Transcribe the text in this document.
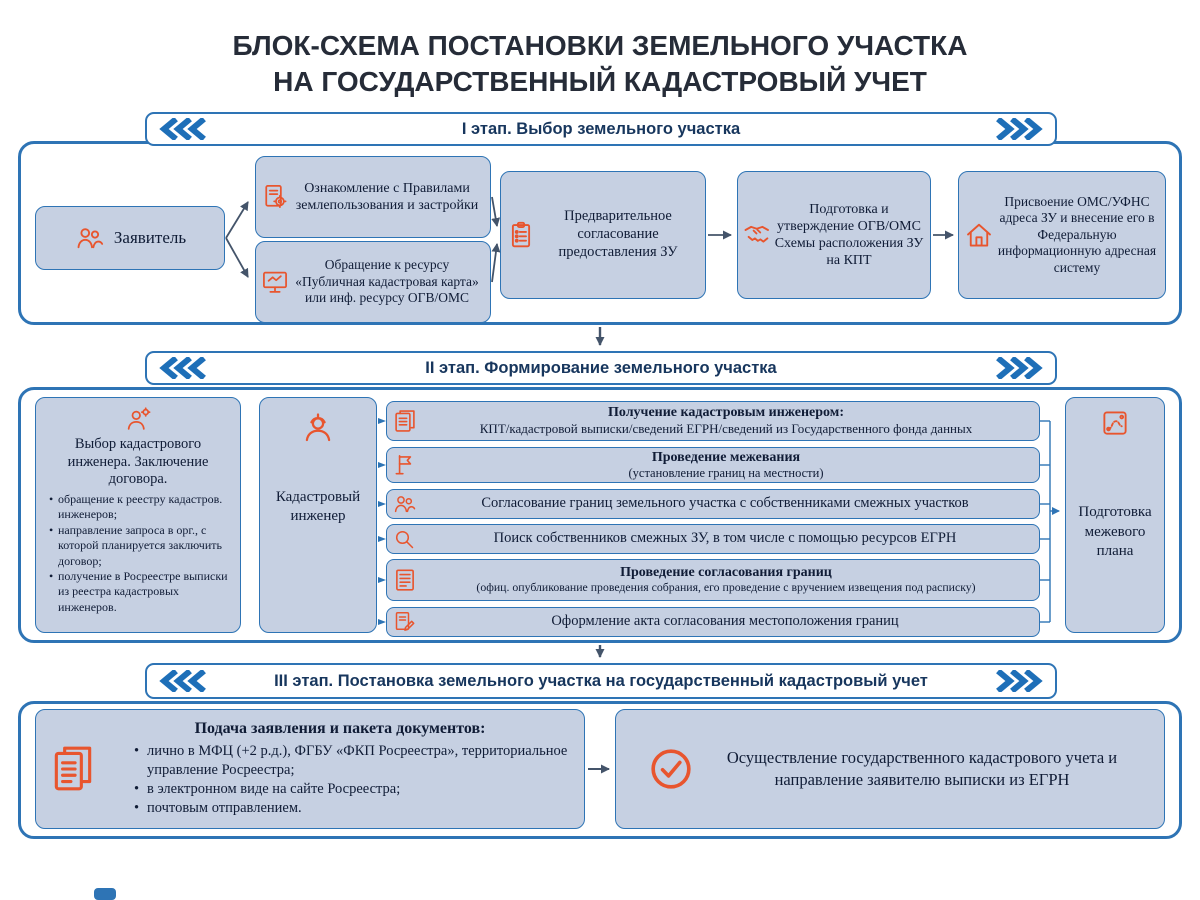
БЛОК-СХЕМА ПОСТАНОВКИ ЗЕМЕЛЬНОГО УЧАСТКА
НА ГОСУДАРСТВЕННЫЙ КАДАСТРОВЫЙ УЧЕТ
I этап. Выбор земельного участка
Заявитель
Ознакомление с Правилами землепользования и застройки
Обращение к ресурсу «Публичная кадастровая карта» или инф. ресурсу ОГВ/ОМС
Предварительное согласование предоставления ЗУ
Подготовка и утверждение ОГВ/ОМС Схемы расположения ЗУ на КПТ
Присвоение ОМС/УФНС адреса ЗУ и внесение его в Федеральную информационную адресная систему
II этап. Формирование земельного участка
Выбор кадастрового инженера. Заключение договора.
• обращение к реестру кадастров. инженеров;
• направление запроса в орг., с которой планируется заключить договор;
• получение в Росреестре выписки из реестра кадастровых инженеров.
Кадастровый инженер
Получение кадастровым инженером:
КПТ/кадастровой выписки/сведений ЕГРН/сведений из Государственного фонда данных
Проведение межевания
(установление границ на местности)
Согласование границ земельного участка с собственниками смежных участков
Поиск собственников смежных ЗУ, в том числе с помощью ресурсов ЕГРН
Проведение согласования границ
(офиц. опубликование проведения собрания, его проведение с вручением извещения под расписку)
Оформление акта согласования местоположения границ
Подготовка межевого плана
III этап. Постановка земельного участка на государственный кадастровый учет
Подача заявления и пакета документов:
• лично в МФЦ (+2 р.д.), ФГБУ «ФКП Росреестра», территориальное управление Росреестра;
• в электронном виде на сайте Росреестра;
• почтовым отправлением.
Осуществление государственного кадастрового учета и направление заявителю выписки из ЕГРН
